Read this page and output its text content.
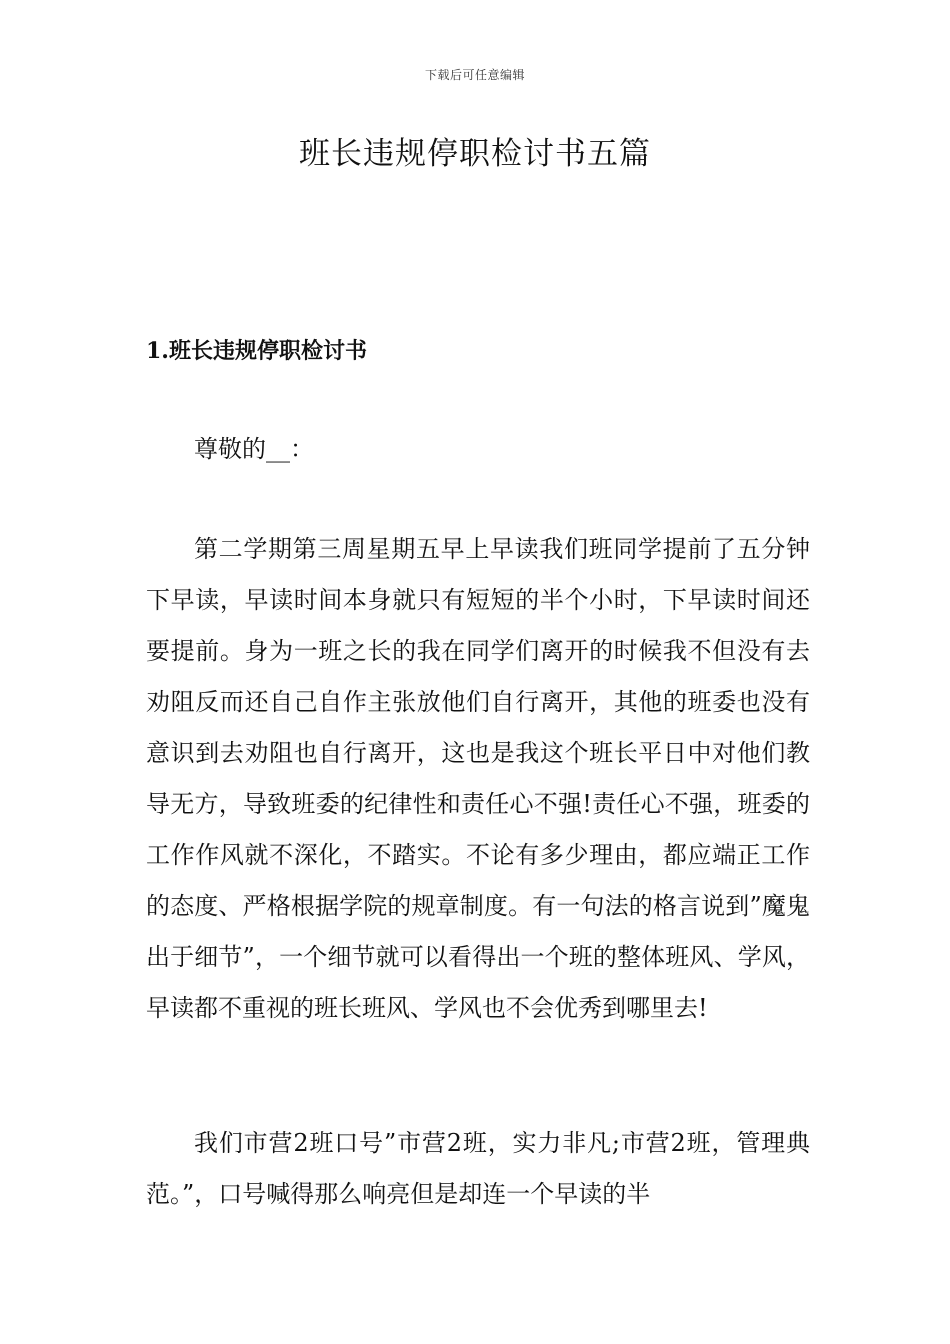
下载后可任意编辑
班长违规停职检讨书五篇
1.班长违规停职检讨书

尊敬的__：

第二学期第三周星期五早上早读我们班同学提前了五分钟下早读，早读时间本身就只有短短的半个小时，下早读时间还要提前。身为一班之长的我在同学们离开的时候我不但没有去劝阻反而还自己自作主张放他们自行离开，其他的班委也没有意识到去劝阻也自行离开，这也是我这个班长平日中对他们教导无方，导致班委的纪律性和责任心不强!责任心不强，班委的工作作风就不深化，不踏实。不论有多少理由，都应端正工作的态度、严格根据学院的规章制度。有一句法的格言说到”魔鬼出于细节”，一个细节就可以看得出一个班的整体班风、学风，早读都不重视的班长班风、学风也不会优秀到哪里去!

我们市营2班口号”市营2班，实力非凡;市营2班，管理典范。”，口号喊得那么响亮但是却连一个早读的半
